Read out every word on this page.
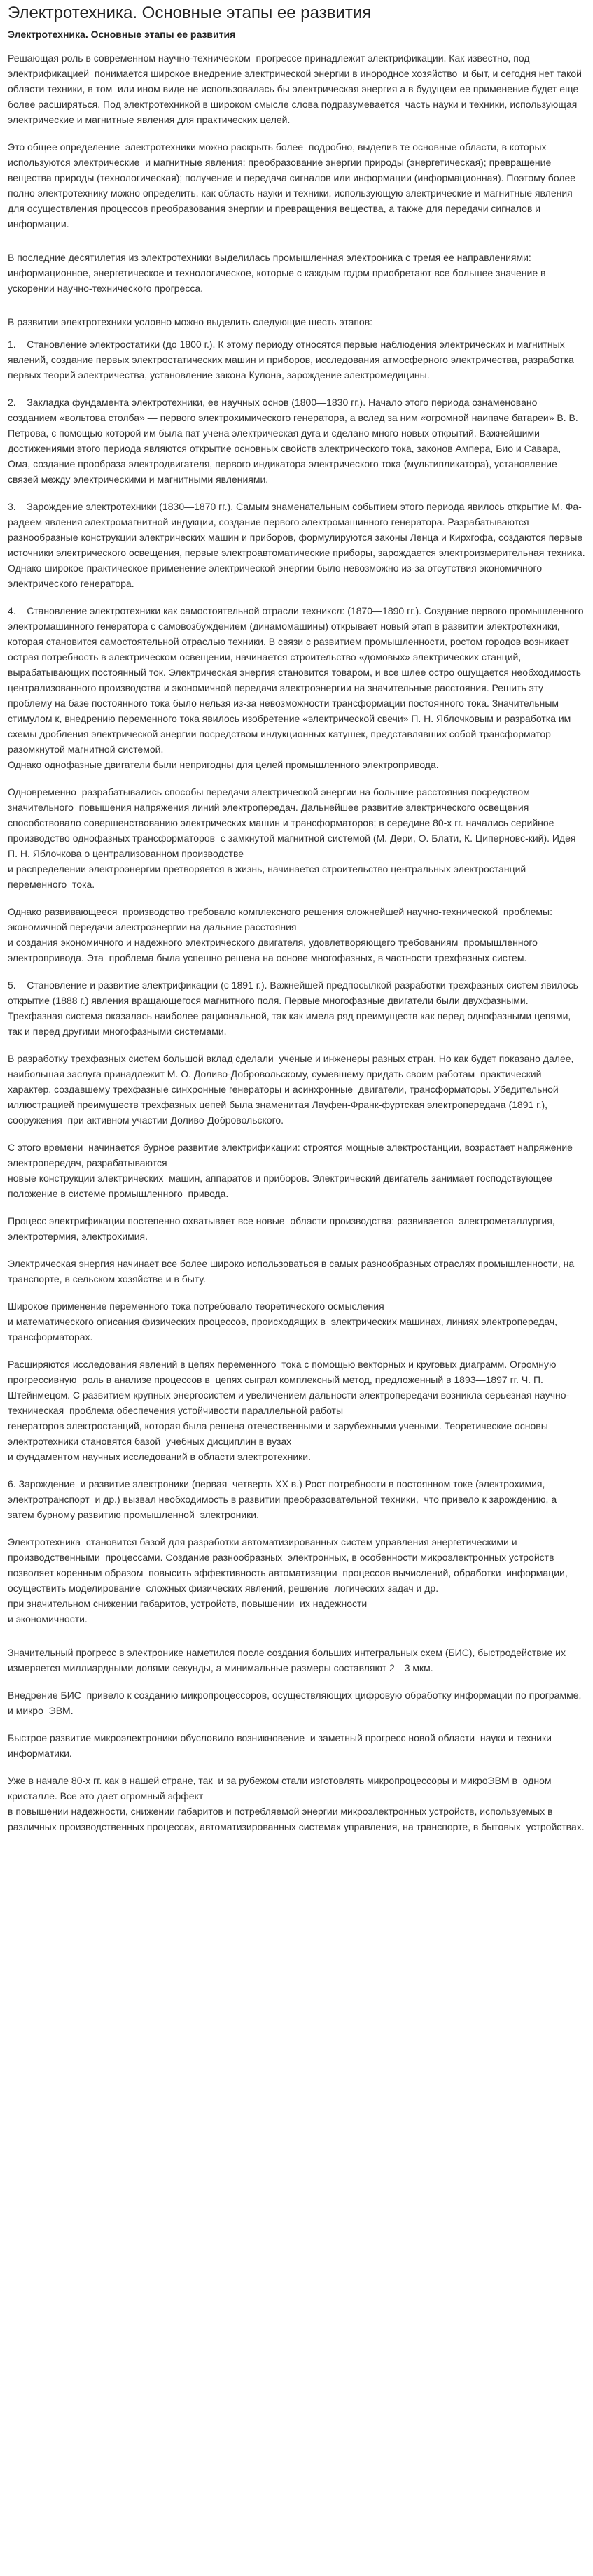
Электротехника. Основные этапы ее развития
Электротехника. Основные этапы ее развития

Решающая роль в современном научно-техническом  прогрессе принадлежит электрификации. Как известно, под электрификацией  понимается широкое внедрение электрической энергии в инородное хозяйство  и быт, и сегодня нет такой  области техники, в том  или ином виде не использовалась бы электрическая энергия а в будущем ее применение будет еще более расширяться. Под электротехникой в широком смысле слова подразумевается  часть науки и техники, использующая электрические и магнитные явления для практических целей.

Это общее определение  электротехники можно раскрыть более  подробно, выделив те основные области, в которых используются электрические  и магнитные явления: преобразование энергии природы (энергетическая); превращение  вещества природы (технологическая); получение и передача сигналов или информации (информационная). Поэтому более полно электротехнику можно определить, как область науки и техники, использующую электрические и магнитные явления для осуществления процессов преобразования энергии и превращения вещества, а также для передачи сигналов и информации.

В последние десятилетия из электротехники выделилась промышленная электроника с тремя ее направлениями: информационное, энергетическое и технологическое, которые с каждым годом приобретают все большее значение в ускорении научно-технического прогресса.

В развитии электротехники условно можно выделить следующие шесть этапов:

1.    Становление электростатики (до 1800 г.). К этому периоду относятся первые наблюдения электрических и магнитных явлений, создание первых электростатических машин и приборов, исследования атмосферного электричества, разработка первых теорий электричества, установление закона Кулона, зарождение электромедицины.

2.    Закладка фундамента электротехники, ее научных основ (1800—1830 гг.). Начало этого периода ознаменовано созданием «вольтова столба» — первого электрохимического генератора, а вслед за ним «огромной наипаче батареи» В. В. Петрова, с помощью которой им была пат учена электрическая дуга и сделано много новых открытий. Важнейшими достижениями этого периода являются открытие основных свойств электрического тока, законов Ампера, Био и Савара, Ома, создание прообраза электродвигателя, первого индикатора электрического тока (мультипликатора), установление связей между электрическими и магнитными явлениями.

3.    Зарождение электротехники (1830—1870 гг.). Самым знаменательным событием этого периода явилось открытие М. Фа-радеем явления электромагнитной индукции, создание первого электромашинного генератора. Разрабатываются разнообразные конструкции электрических машин и приборов, формулируются законы Ленца и Кирхгофа, создаются первые источники электрического освещения, первые электроавтоматические приборы, зарождается электроизмерительная техника. Однако широкое практическое применение электрической энергии было невозможно из-за отсутствия экономичного электрического генератора.

4.    Становление электротехники как самостоятельной отрасли техниксл: (1870—1890 гг.). Создание первого промышленного электромашинного генератора с самовозбуждением (динамомашины) открывает новый этап в развитии электротехники, которая становится самостоятельной отраслью техники. В связи с развитием промышленности, ростом городов возникает острая потребность в электрическом освещении, начинается строительство «домовых» электрических станций, вырабатывающих постоянный ток. Электрическая энергия становится товаром, и все шлее остро ощущается необходимость централизованного производства и экономичной передачи электроэнергии на значительные расстояния. Решить эту проблему на базе постоянного тока было нельзя из-за невозможности трансформации постоянного тока. Значительным стимулом к, внедрению переменного тока явилось изобретение «электрической свечи» П. Н. Яблочковым и разработка им схемы дробления электрической энергии посредством индукционных катушек, представлявших собой трансформатор разомкнутой магнитной системой.
Однако однофазные двигатели были непригодны для целей промышленного электропривода.

Одновременно  разрабатывались способы передачи электрической энергии на большие расстояния посредством значительного  повышения напряжения линий электропередач. Дальнейшее развитие электрического освещения  способствовало совершенствованию электрических машин и трансформаторов; в середине 80-х гг. начались серийное производство однофазных трансформаторов  с замкнутой магнитной системой (М. Дери, О. Блати, К. Циперновс-кий). Идея П. Н. Яблочкова о централизованном производстве
и распределении электроэнергии претворяется в жизнь, начинается строительство центральных электростанций переменного  тока.

Однако развивающееся  производство требовало комплексного решения сложнейшей научно-технической  проблемы: экономичной передачи электроэнергии на дальние расстояния
и создания экономичного и надежного электрического двигателя, удовлетворяющего требованиям  промышленного электропривода. Эта  проблема была успешно решена на основе многофазных, в частности трехфазных систем.

5.    Становление и развитие электрификации (с 1891 г.). Важнейшей предпосылкой разработки трехфазных систем явилось открытие (1888 г.) явления вращающегося магнитного поля. Первые многофазные двигатели были двухфазными. Трехфазная система оказалась наиболее рациональной, так как имела ряд преимуществ как перед однофазными цепями, так и перед другими многофазными системами.

В разработку трехфазных систем большой вклад сделали  ученые и инженеры разных стран. Но как будет показано далее, наибольшая заслуга принадлежит М. О. Доливо-Добровольскому, сумевшему придать своим работам  практический характер, создавшему трехфазные синхронные генераторы и асинхронные  двигатели, трансформаторы. Убедительной иллюстрацией преимуществ трехфазных цепей была знаменитая Лауфен-Франк-фуртская электропередача (1891 г.), сооружения  при активном участии Доливо-Добровольского.

С этого времени  начинается бурное развитие электрификации: строятся мощные электростанции, возрастает напряжение электропередач, разрабатываются
новые конструкции электрических  машин, аппаратов и приборов. Электрический двигатель занимает господствующее положение в системе промышленного  привода.

Процесс электрификации постепенно охватывает все новые  области производства: развивается  электрометаллургия, электротермия, электрохимия.

Электрическая энергия начинает все более широко использоваться в самых разнообразных отраслях промышленности, на транспорте, в сельском хозяйстве и в быту.

Широкое применение переменного тока потребовало теоретического осмысления
и математического описания физических процессов, происходящих в  электрических машинах, линиях электропередач, трансформаторах.

Расширяются исследования явлений в цепях переменного  тока с помощью векторных и круговых диаграмм. Огромную прогрессивную  роль в анализе процессов в  цепях сыграл комплексный метод, предложенный в 1893—1897 гг. Ч. П. Штейнмецом. С развитием крупных энергосистем и увеличением дальности электропередачи возникла серьезная научно-техническая  проблема обеспечения устойчивости параллельной работы
генераторов электростанций, которая была решена отечественными и зарубежными учеными. Теоретические основы электротехники становятся базой  учебных дисциплин в вузах
и фундаментом научных исследований в области электротехники.

6. Зарождение  и развитие электроники (первая  четверть XX в.) Рост потребности в постоянном токе (электрохимия, электротранспорт  и др.) вызвал необходимость в развитии преобразовательной техники,  что привело к зарождению, а  затем бурному развитию промышленной  электроники.

Электротехника  становится базой для разработки автоматизированных систем управления энергетическими и производственными  процессами. Создание разнообразных  электронных, в особенности микроэлектронных устройств позволяет коренным образом  повысить эффективность автоматизации  процессов вычислений, обработки  информации, осуществить моделирование  сложных физических явлений, решение  логических задач и др.
при значительном снижении габаритов, устройств, повышении  их надежности
и экономичности.

Значительный прогресс в электронике наметился после создания больших интегральных схем (БИС), быстродействие их измеряется миллиардными долями секунды, а минимальные размеры составляют 2—3 мкм.

Внедрение БИС  привело к созданию микропроцессоров, осуществляющих цифровую обработку информации по программе, и микро  ЭВМ.

Быстрое развитие микроэлектроники обусловило возникновение  и заметный прогресс новой области  науки и техники — информатики.

Уже в начале 80-х гг. как в нашей стране, так  и за рубежом стали изготовлять микропроцессоры и микроЭВМ в  одном кристалле. Все это дает огромный эффект
в повышении надежности, снижении габаритов и потребляемой энергии микроэлектронных устройств, используемых в различных производственных процессах, автоматизированных системах управления, на транспорте, в бытовых  устройствах.
